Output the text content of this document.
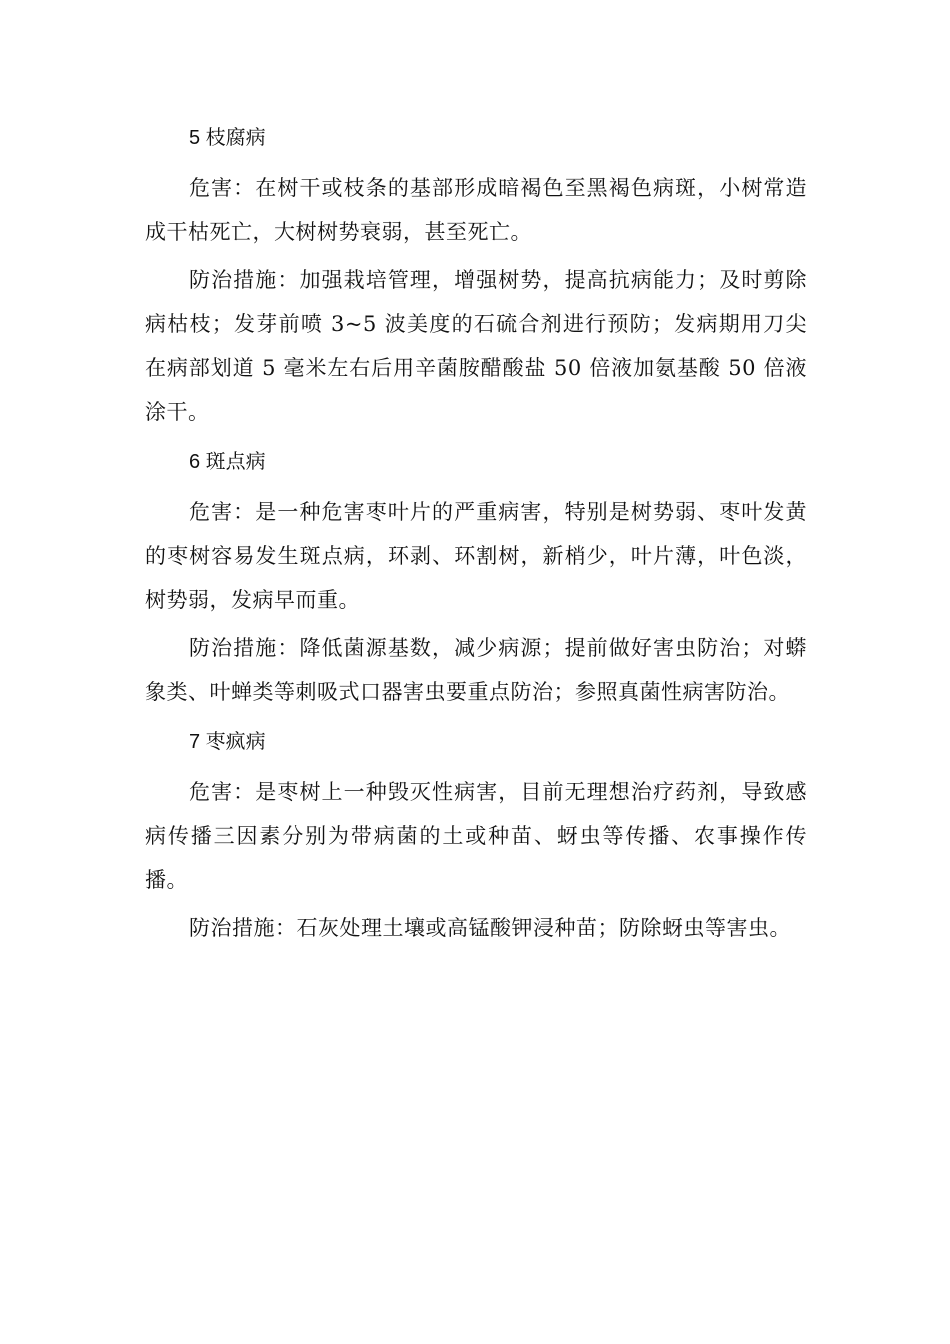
5 枝腐病

危害：在树干或枝条的基部形成暗褐色至黑褐色病斑，小树常造成干枯死亡，大树树势衰弱，甚至死亡。

防治措施：加强栽培管理，增强树势，提高抗病能力；及时剪除病枯枝；发芽前喷 3~5 波美度的石硫合剂进行预防；发病期用刀尖在病部划道 5 毫米左右后用辛菌胺醋酸盐 50 倍液加氨基酸 50 倍液涂干。

6 斑点病

危害：是一种危害枣叶片的严重病害，特别是树势弱、枣叶发黄的枣树容易发生斑点病，环剥、环割树，新梢少，叶片薄，叶色淡，树势弱，发病早而重。

防治措施：降低菌源基数，减少病源；提前做好害虫防治；对蟒象类、叶蝉类等刺吸式口器害虫要重点防治；参照真菌性病害防治。

7 枣疯病

危害：是枣树上一种毁灭性病害，目前无理想治疗药剂，导致感病传播三因素分别为带病菌的土或种苗、蚜虫等传播、农事操作传播。

防治措施：石灰处理土壤或高锰酸钾浸种苗；防除蚜虫等害虫。
